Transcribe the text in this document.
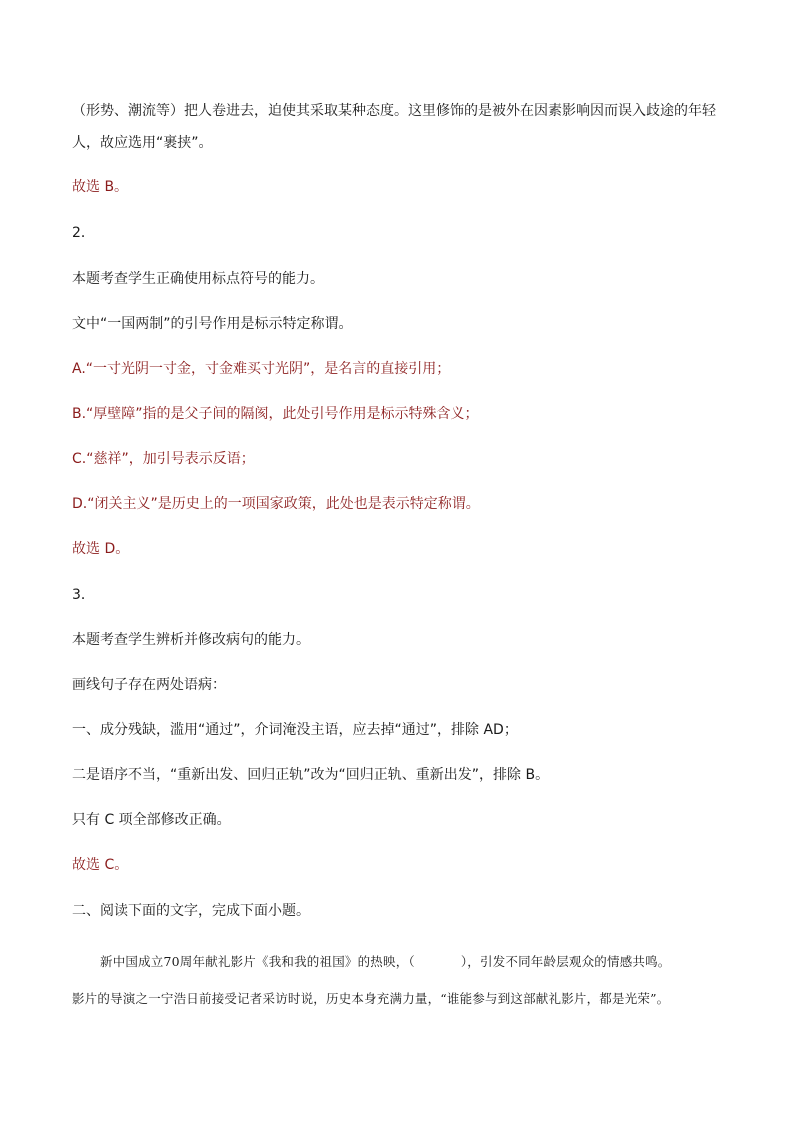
（形势、潮流等）把人卷进去，迫使其采取某种态度。这里修饰的是被外在因素影响因而误入歧途的年轻
人，故应选用“裹挟”。
故选 B。
2．
本题考查学生正确使用标点符号的能力。
文中“一国两制”的引号作用是标示特定称谓。
A.“一寸光阴一寸金，寸金难买寸光阴”，是名言的直接引用；
B.“厚壁障”指的是父子间的隔阂，此处引号作用是标示特殊含义；
C.“慈祥”，加引号表示反语；
D.“闭关主义”是历史上的一项国家政策，此处也是表示特定称谓。
故选 D。
3．
本题考查学生辨析并修改病句的能力。
画线句子存在两处语病：
一、成分残缺，滥用“通过”，介词淹没主语，应去掉“通过”，排除 AD；
二是语序不当，“重新出发、回归正轨”改为“回归正轨、重新出发”，排除 B。
只有 C 项全部修改正确。
故选 C。
二、阅读下面的文字，完成下面小题。
新中国成立70周年献礼影片《我和我的祖国》的热映，（	），引发不同年龄层观众的情感共鸣。
影片的导演之一宁浩日前接受记者采访时说，历史本身充满力量，“谁能参与到这部献礼影片，都是光荣”。
